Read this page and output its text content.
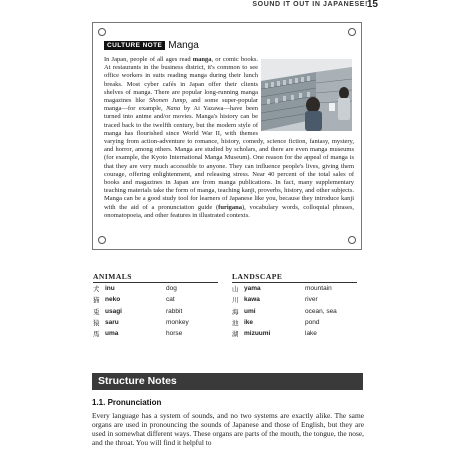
SOUND IT OUT IN JAPANESE!
15
CULTURE NOTE Manga
In Japan, people of all ages read manga, or comic books. At restaurants in the business district, it's common to see office workers in suits reading manga during their lunch breaks. Most cyber cafés in Japan offer their clients shelves of manga. There are popular long-running manga magazines like Shonen Jump, and some super-popular manga—for example, Nana by Ai Yazawa—have been turned into anime and/or movies. Manga's history can be traced back to the twelfth century, but the modern style of manga has flourished since World War II, with themes varying from action-adventure to romance, history, comedy, science fiction, fantasy, mystery, and horror, among others. Manga are studied by scholars, and there are even manga museums (for example, the Kyoto International Manga Museum). One reason for the appeal of manga is that they are very much accessible to anyone. They can influence people's lives, giving them courage, offering enlightenment, and releasing stress. Near 40 percent of the total sales of books and magazines in Japan are from manga publications. In fact, many supplementary teaching materials take the form of manga, teaching kanji, proverbs, history, and other subjects. Manga can be a good study tool for learners of Japanese like you, because they introduce kanji with the aid of a pronunciation guide (furigana), vocabulary words, colloquial phrases, onomatopoeia, and other features in illustrated contexts.
ANIMALS
犬 inu	dog
猫 neko	cat
兎 usagi	rabbit
猿 saru	monkey
馬 uma	horse
LANDSCAPE
山 yama	mountain
川 kawa	river
海 umi	ocean, sea
池 ike	pond
湖 mizuumi	lake
Structure Notes
1.1. Pronunciation
Every language has a system of sounds, and no two systems are exactly alike. The same organs are used in pronouncing the sounds of Japanese and those of English, but they are used in somewhat different ways. These organs are parts of the mouth, the tongue, the nose, and the throat. You will find it helpful to
